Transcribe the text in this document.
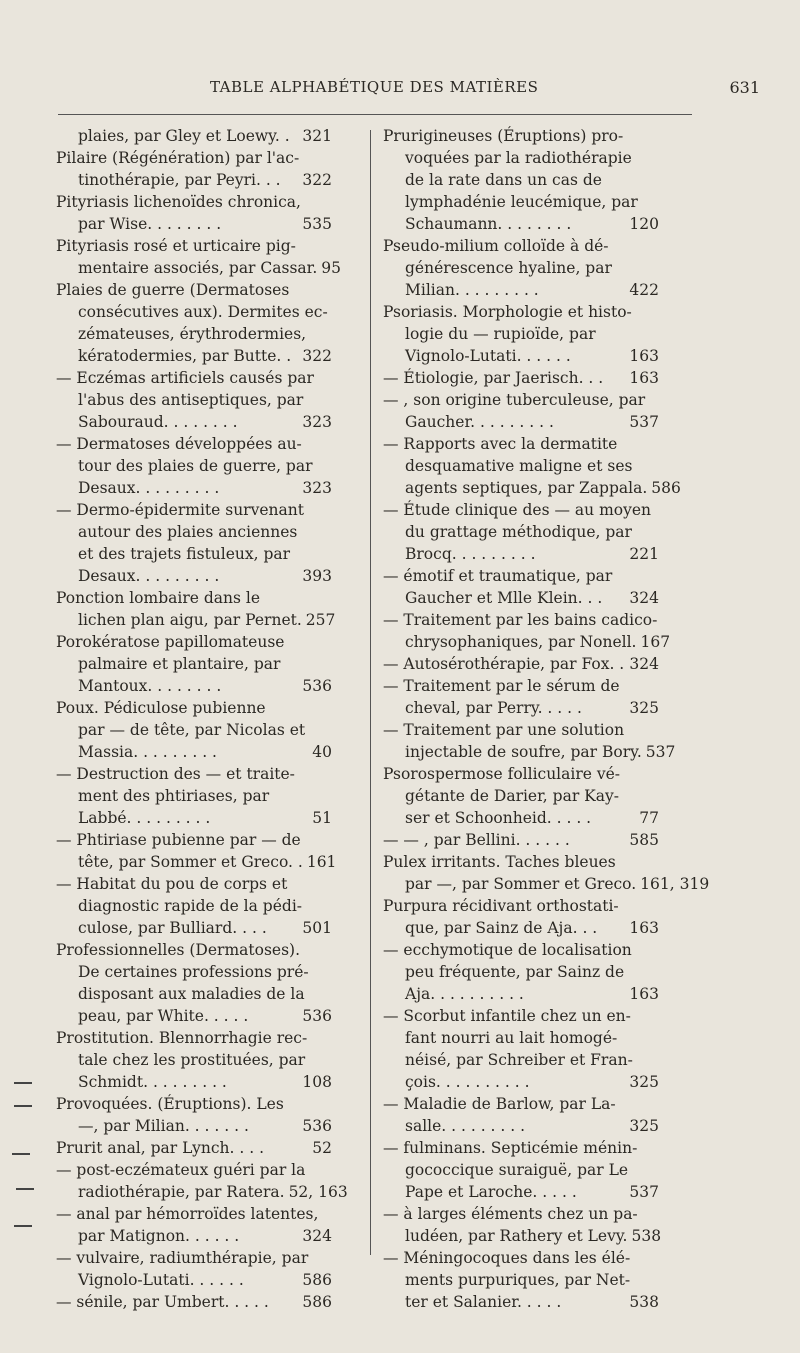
TABLE ALPHABÉTIQUE DES MATIÈRES	631
plaies, par Gley et Loewy. . 321
Pilaire (Régénération) par l'ac-
tinothérapie, par Peyri. . . 322
Pityriasis lichenoïdes chronica,
par Wise. . . . . . . .	535
Pityriasis rosé et urticaire pig-
mentaire associés, par Cassar. 95
Plaies de guerre (Dermatoses
consécutives aux). Dermites ec-
zémateuses, érythrodermies,
kératodermies, par Butte. . 322
— Eczémas artificiels causés par
l'abus des antiseptiques, par
Sabouraud. . . . . . . .	323
— Dermatoses développées au-
tour des plaies de guerre, par
Desaux. . . . . . . . .	323
— Dermo-épidermite survenant
autour des plaies anciennes
et des trajets fistuleux, par
Desaux. . . . . . . . .	393
Ponction lombaire dans le
lichen plan aigu, par Pernet. 257
Porokératose papillomateuse
palmaire et plantaire, par
Mantoux. . . . . . . .	536
Poux. Pédiculose pubienne
par — de tête, par Nicolas et
Massia. . . . . . . . .	40
— Destruction des — et traite-
ment des phtiriases, par
Labbé. . . . . . . . .	51
— Phtiriase pubienne par — de
tête, par Sommer et Greco. . 161
— Habitat du pou de corps et
diagnostic rapide de la pédi-
culose, par Bulliard. . . . 501
Professionnelles (Dermatoses).
De certaines professions pré-
disposant aux maladies de la
peau, par White. . . . .	536
Prostitution. Blennorrhagie rec-
tale chez les prostituées, par
Schmidt. . . . . . . . .	108
Provoquées. (Éruptions). Les
—, par Milian. . . . . . .	536
Prurit anal, par Lynch. . . .	52
— post-eczémateux guéri par la
radiothérapie, par Ratera. 52, 163
— anal par hémorroïdes latentes,
par Matignon. . . . . .	324
— vulvaire, radiumthérapie, par
Vignolo-Lutati. . . . . .	586
— sénile, par Umbert. . . . . 586
Prurigineuses (Éruptions) pro-
voquées par la radiothérapie
de la rate dans un cas de
lymphadénie leucémique, par
Schaumann. . . . . . . .	120
Pseudo-milium colloïde à dé-
générescence hyaline, par
Milian. . . . . . . . .	422
Psoriasis. Morphologie et histo-
logie du — rupioïde, par
Vignolo-Lutati. . . . . .	163
— Étiologie, par Jaerisch. . . 163
— , son origine tuberculeuse, par
Gaucher. . . . . . . . .	537
— Rapports avec la dermatite
desquamative maligne et ses
agents septiques, par Zappala. 586
— Étude clinique des — au moyen
du grattage méthodique, par
Brocq. . . . . . . . .	221
— émotif et traumatique, par
Gaucher et Mlle Klein. . . 324
— Traitement par les bains cadico-
chrysophaniques, par Nonell. 167
— Autosérothérapie, par Fox. . 324
— Traitement par le sérum de
cheval, par Perry. . . . .	325
— Traitement par une solution
injectable de soufre, par Bory. 537
Psorospermose folliculaire vé-
gétante de Darier, par Kay-
ser et Schoonheid. . . . .	77
— — , par Bellini. . . . . .	585
Pulex irritants. Taches bleues
par —, par Sommer et Greco. 161, 319
Purpura récidivant orthostati-
que, par Sainz de Aja. . . 163
— ecchymotique de localisation
peu fréquente, par Sainz de
Aja. . . . . . . . . .	163
— Scorbut infantile chez un en-
fant nourri au lait homogé-
néisé, par Schreiber et Fran-
çois. . . . . . . . . .	325
— Maladie de Barlow, par La-
salle. . . . . . . . .	325
— fulminans. Septicémie ménin-
gococcique suraiguë, par Le
Pape et Laroche. . . . .	537
— à larges éléments chez un pa-
ludéen, par Rathery et Levy. 538
— Méningocoques dans les élé-
ments purpuriques, par Net-
ter et Salanier. . . . .	538
